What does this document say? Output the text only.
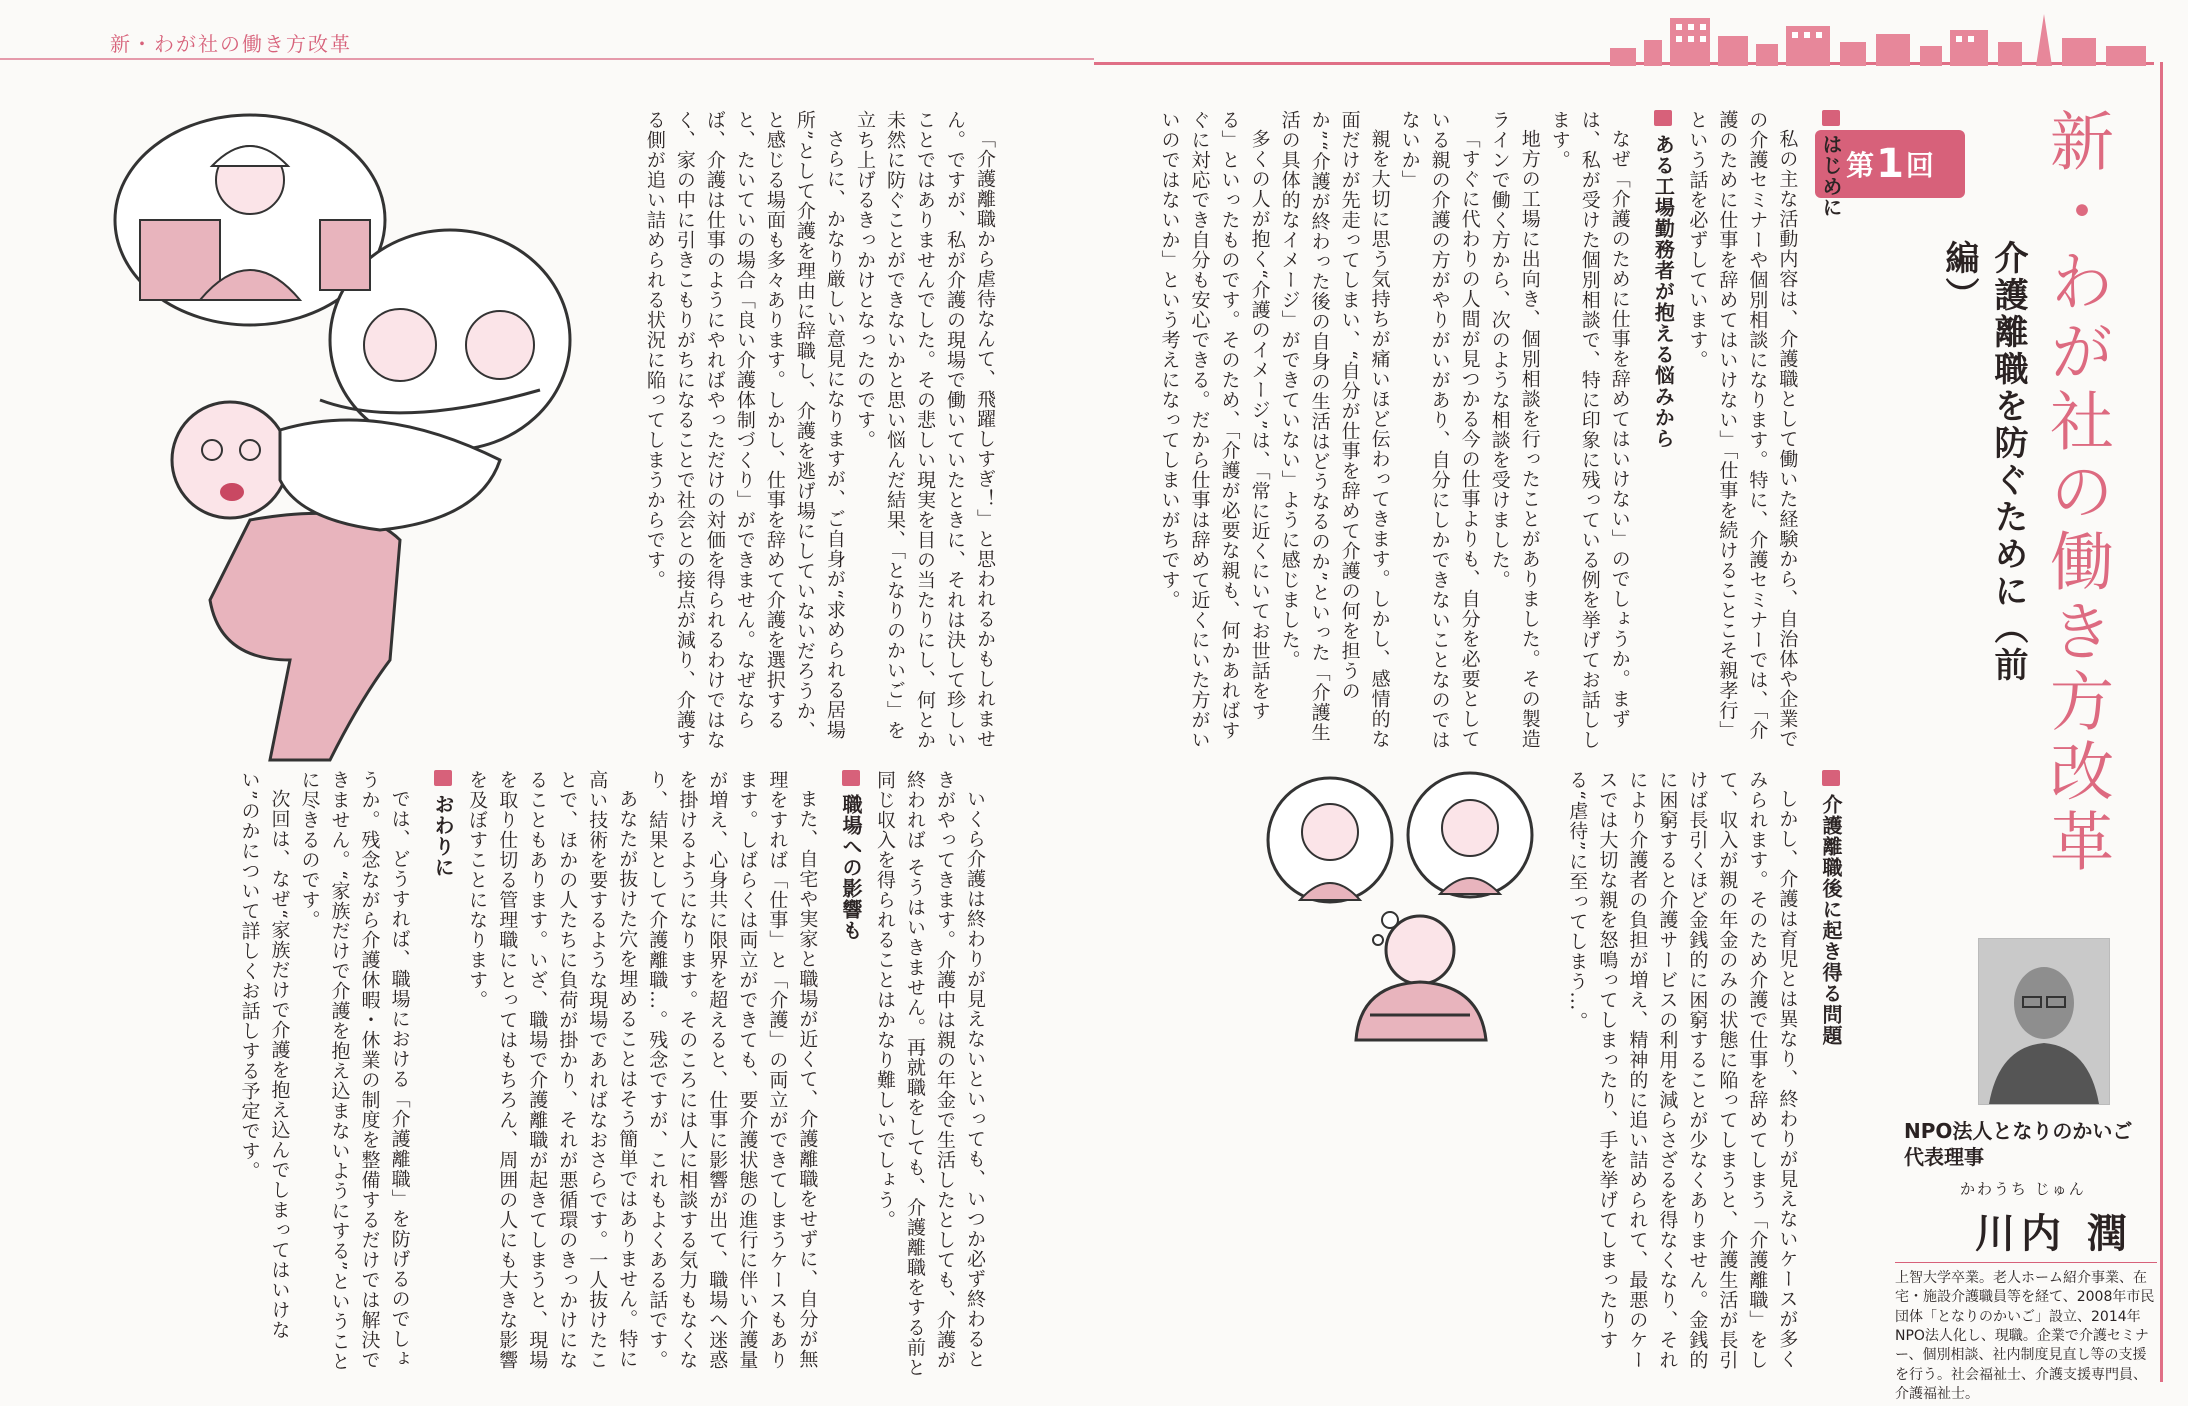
新・わが社の働き方改革
新・わが社の働き方改革
第 1 回
介護離職を防ぐために（前編）
NPO法人となりのかいご代表理事
かわうち じゅん
川内 潤
上智大学卒業。老人ホーム紹介事業、在宅・施設介護職員等を経て、2008年市民団体「となりのかいご」設立、2014年NPO法人化し、現職。企業で介護セミナー、個別相談、社内制度見直し等の支援を行う。社会福祉士、介護支援専門員、介護福祉士。
はじめに

私の主な活動内容は、介護職として働いた経験から、自治体や企業での介護セミナーや個別相談になります。特に、介護セミナーでは、「介護のために仕事を辞めてはいけない」「仕事を続けることこそ親孝行」という話を必ずしています。

ある工場勤務者が抱える悩みから

なぜ「介護のために仕事を辞めてはいけない」のでしょうか。まずは、私が受けた個別相談で、特に印象に残っている例を挙げてお話しします。

地方の工場に出向き、個別相談を行ったことがありました。その製造ラインで働く方から、次のような相談を受けました。

「すぐに代わりの人間が見つかる今の仕事よりも、自分を必要としている親の介護の方がやりがいがあり、自分にしかできないことなのではないか」

親を大切に思う気持ちが痛いほど伝わってきます。しかし、感情的な面だけが先走ってしまい、“自分が仕事を辞めて介護の何を担うのか”“介護が終わった後の自身の生活はどうなるのか”といった「介護生活の具体的なイメージ」ができていない」ように感じました。

多くの人が抱く“介護のイメージ”は、「常に近くにいてお世話をする」といったものです。そのため、「介護が必要な親も、何かあればすぐに対応でき自分も安心できる。だから仕事は辞めて近くにいた方がいいのではないか」という考えになってしまいがちです。

介護離職後に起き得る問題

しかし、介護は育児とは異なり、終わりが見えないケースが多くみられます。そのため介護で仕事を辞めてしまう「介護離職」をして、収入が親の年金のみの状態に陥ってしまうと、介護生活が長引けば長引くほど金銭的に困窮することが少なくありません。金銭的に困窮すると介護サービスの利用を減らさざるを得なくなり、それにより介護者の負担が増え、精神的に追い詰められて、最悪のケースでは大切な親を怒鳴ってしまったり、手を挙げてしまったりする“虐待”に至ってしまう…。

「介護離職から虐待なんて、飛躍しすぎ！」と思われるかもしれません。ですが、私が介護の現場で働いていたときに、それは決して珍しいことではありませんでした。その悲しい現実を目の当たりにし、何とか未然に防ぐことができないかと思い悩んだ結果、「となりのかいご」を立ち上げるきっかけとなったのです。

さらに、かなり厳しい意見になりますが、ご自身が“求められる居場所”として介護を理由に辞職し、介護を逃げ場にしていないだろうか、と感じる場面も多々あります。しかし、仕事を辞めて介護を選択すると、たいていの場合「良い介護体制づくり」ができません。なぜならば、介護は仕事のようにやればやっただけの対価を得られるわけではなく、家の中に引きこもりがちになることで社会との接点が減り、介護する側が追い詰められる状況に陥ってしまうからです。

いくら介護は終わりが見えないといっても、いつか必ず終わるときがやってきます。介護中は親の年金で生活したとしても、介護が終われば そうはいきません。再就職をしても、介護離職をする前と同じ収入を得られることはかなり難しいでしょう。

職場への影響も

また、自宅や実家と職場が近くて、介護離職をせずに、自分が無理をすれば「仕事」と「介護」の両立ができてしまうケースもあります。しばらくは両立ができても、要介護状態の進行に伴い介護量が増え、心身共に限界を超えると、仕事に影響が出て、職場へ迷惑を掛けるようになります。そのころには人に相談する気力もなくなり、結果として介護離職…。残念ですが、これもよくある話です。

あなたが抜けた穴を埋めることはそう簡単ではありません。特に高い技術を要するような現場であればなおさらです。一人抜けたことで、ほかの人たちに負荷が掛かり、それが悪循環のきっかけになることもあります。いざ、職場で介護離職が起きてしまうと、現場を取り仕切る管理職にとってはもちろん、周囲の人にも大きな影響を及ぼすことになります。

おわりに

では、どうすれば、職場における「介護離職」を防げるのでしょうか。残念ながら介護休暇・休業の制度を整備するだけでは解決できません。“家族だけで介護を抱え込まないようにする”ということに尽きるのです。

次回は、なぜ“家族だけで介護を抱え込んでしまってはいけない”のかについて詳しくお話しする予定です。
